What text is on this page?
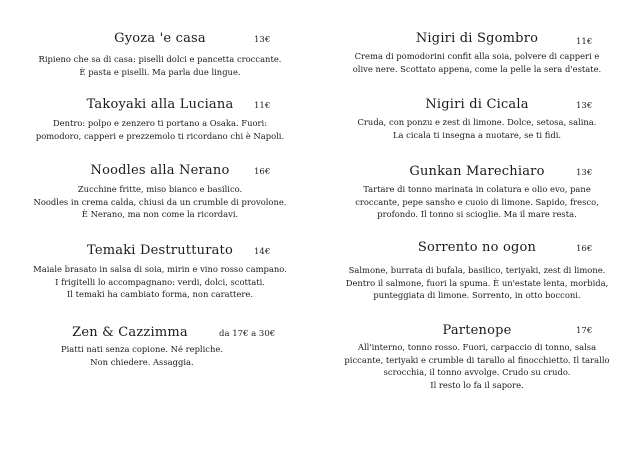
Gyoza 'e casa	13€
Ripieno che sa di casa: piselli dolci e pancetta croccante.
È pasta e piselli. Ma parla due lingue.
Takoyaki alla Luciana	11€
Dentro: polpo e zenzero ti portano a Osaka. Fuori:
pomodoro, capperi e prezzemolo ti ricordano chi è Napoli.
Noodles alla Nerano	16€
Zucchine fritte, miso bianco e basilico.
Noodles in crema calda, chiusi da un crumble di provolone.
È Nerano, ma non come la ricordavi.
Temaki Destrutturato	14€
Maiale brasato in salsa di soia, mirin e vino rosso campano.
I frigitelli lo accompagnano: verdi, dolci, scottati.
Il temaki ha cambiato forma, non carattere.
Zen & Cazzimma	da 17€ a 30€
Piatti nati senza copione. Né repliche.
Non chiedere. Assaggia.
Nigiri di Sgombro	11€
Crema di pomodorini confit alla soia, polvere di capperi e
olive nere. Scottato appena, come la pelle la sera d'estate.
Nigiri di Cicala	13€
Cruda, con ponzu e zest di limone. Dolce, setosa, salina.
La cicala ti insegna a nuotare, se ti fidi.
Gunkan Marechiaro	13€
Tartare di tonno marinata in colatura e olio evo, pane
croccante, pepe sansho e cuoio di limone. Sapido, fresco,
profondo. Il tonno si scioglie. Ma il mare resta.
Sorrento no ogon	16€
Salmone, burrata di bufala, basilico, teriyaki, zest di limone.
Dentro il salmone, fuori la spuma. È un'estate lenta, morbida,
punteggiata di limone. Sorrento, in otto bocconi.
Partenope	17€
All'interno, tonno rosso. Fuori, carpaccio di tonno, salsa
piccante, teriyaki e crumble di tarallo al finocchietto. Il tarallo
scrocchia, il tonno avvolge. Crudo su crudo.
Il resto lo fa il sapore.
